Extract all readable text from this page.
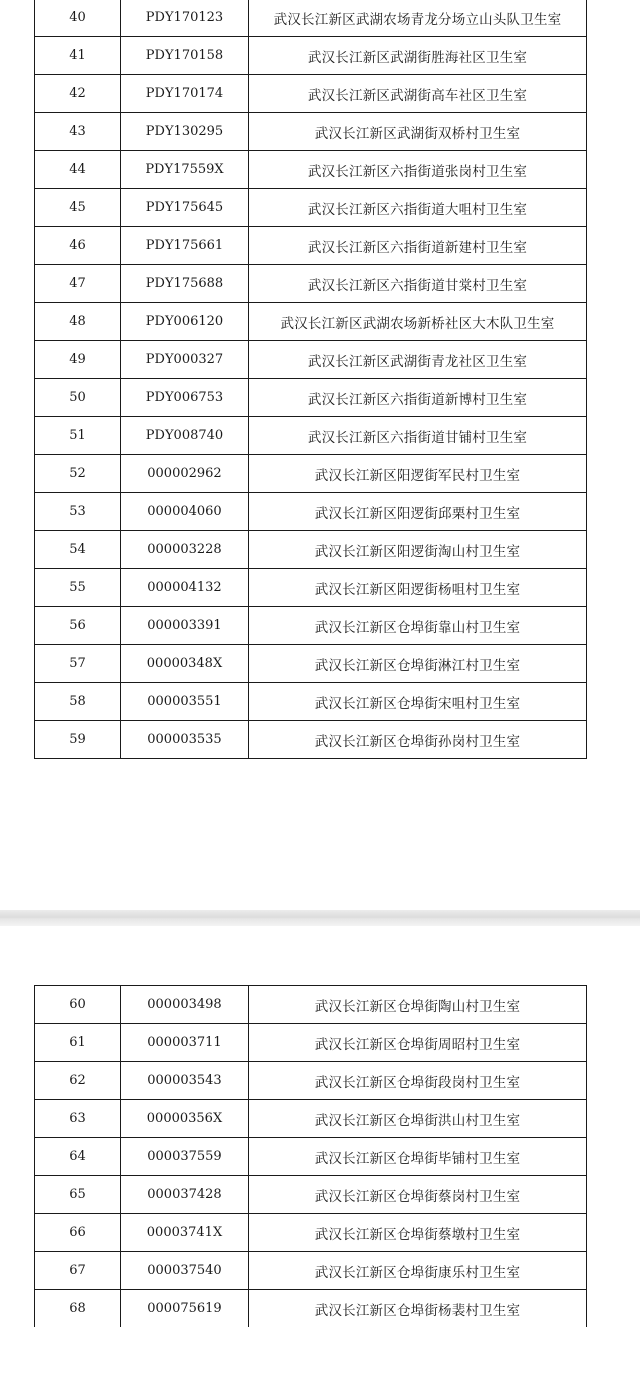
40	PDY170123	武汉长江新区武湖农场青龙分场立山头队卫生室
41	PDY170158	武汉长江新区武湖街胜海社区卫生室
42	PDY170174	武汉长江新区武湖街高车社区卫生室
43	PDY130295	武汉长江新区武湖街双桥村卫生室
44	PDY17559X	武汉长江新区六指街道张岗村卫生室
45	PDY175645	武汉长江新区六指街道大咀村卫生室
46	PDY175661	武汉长江新区六指街道新建村卫生室
47	PDY175688	武汉长江新区六指街道甘棠村卫生室
48	PDY006120	武汉长江新区武湖农场新桥社区大木队卫生室
49	PDY000327	武汉长江新区武湖街青龙社区卫生室
50	PDY006753	武汉长江新区六指街道新博村卫生室
51	PDY008740	武汉长江新区六指街道甘铺村卫生室
52	000002962	武汉长江新区阳逻街军民村卫生室
53	000004060	武汉长江新区阳逻街邱栗村卫生室
54	000003228	武汉长江新区阳逻街淘山村卫生室
55	000004132	武汉长江新区阳逻街杨咀村卫生室
56	000003391	武汉长江新区仓埠街靠山村卫生室
57	00000348X	武汉长江新区仓埠街淋江村卫生室
58	000003551	武汉长江新区仓埠街宋咀村卫生室
59	000003535	武汉长江新区仓埠街孙岗村卫生室
60	000003498	武汉长江新区仓埠街陶山村卫生室
61	000003711	武汉长江新区仓埠街周昭村卫生室
62	000003543	武汉长江新区仓埠街段岗村卫生室
63	00000356X	武汉长江新区仓埠街洪山村卫生室
64	000037559	武汉长江新区仓埠街毕铺村卫生室
65	000037428	武汉长江新区仓埠街蔡岗村卫生室
66	00003741X	武汉长江新区仓埠街蔡墩村卫生室
67	000037540	武汉长江新区仓埠街康乐村卫生室
68	000075619	武汉长江新区仓埠街杨裴村卫生室
